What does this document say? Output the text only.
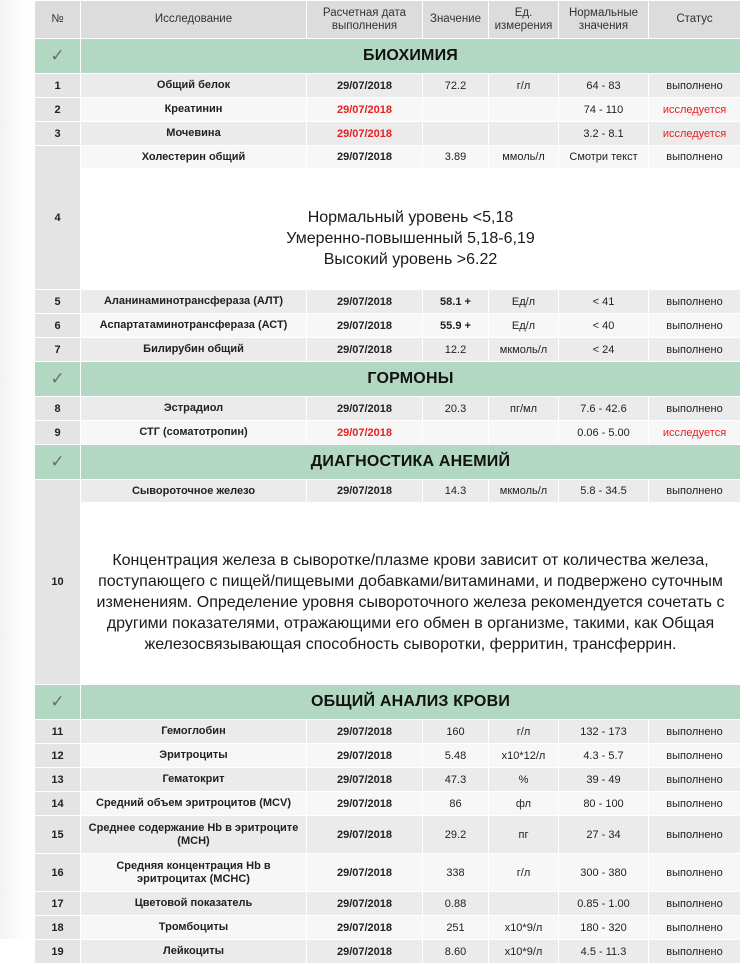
№	Исследование	Расчетная дата выполнения	Значение	Ед. измерения	Нормальные значения	Статус
✓	БИОХИМИЯ					
1	Общий белок	29/07/2018	72.2	г/л	64 - 83	выполнено
2	Креатинин	29/07/2018			74 - 110	исследуется
3	Мочевина	29/07/2018			3.2 - 8.1	исследуется
4	Холестерин общий	29/07/2018	3.89	ммоль/л	Смотри текст	выполнено

	Нормальный уровень <5,18
Умеренно-повышенный 5,18-6,19
Высокий уровень >6.22					

5	Аланинаминотрансфераза (АЛТ)	29/07/2018	58.1 +	Ед/л	< 41	выполнено
6	Аспартатаминотрансфераза (АСТ)	29/07/2018	55.9 +	Ед/л	< 40	выполнено
7	Билирубин общий	29/07/2018	12.2	мкмоль/л	< 24	выполнено
✓	ГОРМОНЫ					
8	Эстрадиол	29/07/2018	20.3	пг/мл	7.6 - 42.6	выполнено
9	СТГ (соматотропин)	29/07/2018			0.06 - 5.00	исследуется
✓	ДИАГНОСТИКА АНЕМИЙ					
10	Сывороточное железо	29/07/2018	14.3	мкмоль/л	5.8 - 34.5	выполнено
	Концентрация железа в сыворотке/плазме крови зависит от количества железа, поступающего с пищей/пищевыми добавками/витаминами, и подвержено суточным изменениям. Определение уровня сывороточного железа рекомендуется сочетать с другими показателями, отражающими его обмен в организме, такими, как Общая железосвязывающая способность сыворотки, ферритин, трансферрин.					
✓	ОБЩИЙ АНАЛИЗ КРОВИ					
11	Гемоглобин	29/07/2018	160	г/л	132 - 173	выполнено
12	Эритроциты	29/07/2018	5.48	x10*12/л	4.3 - 5.7	выполнено
13	Гематокрит	29/07/2018	47.3	%	39 - 49	выполнено
14	Средний объем эритроцитов (MCV)	29/07/2018	86	фл	80 - 100	выполнено
15	Среднее содержание Hb в эритроците (MCH)	29/07/2018	29.2	пг	27 - 34	выполнено
16	Средняя концентрация Hb в эритроцитах (MCHC)	29/07/2018	338	г/л	300 - 380	выполнено
17	Цветовой показатель	29/07/2018	0.88		0.85 - 1.00	выполнено
18	Тромбоциты	29/07/2018	251	x10*9/л	180 - 320	выполнено
19	Лейкоциты	29/07/2018	8.60	x10*9/л	4.5 - 11.3	выполнено
